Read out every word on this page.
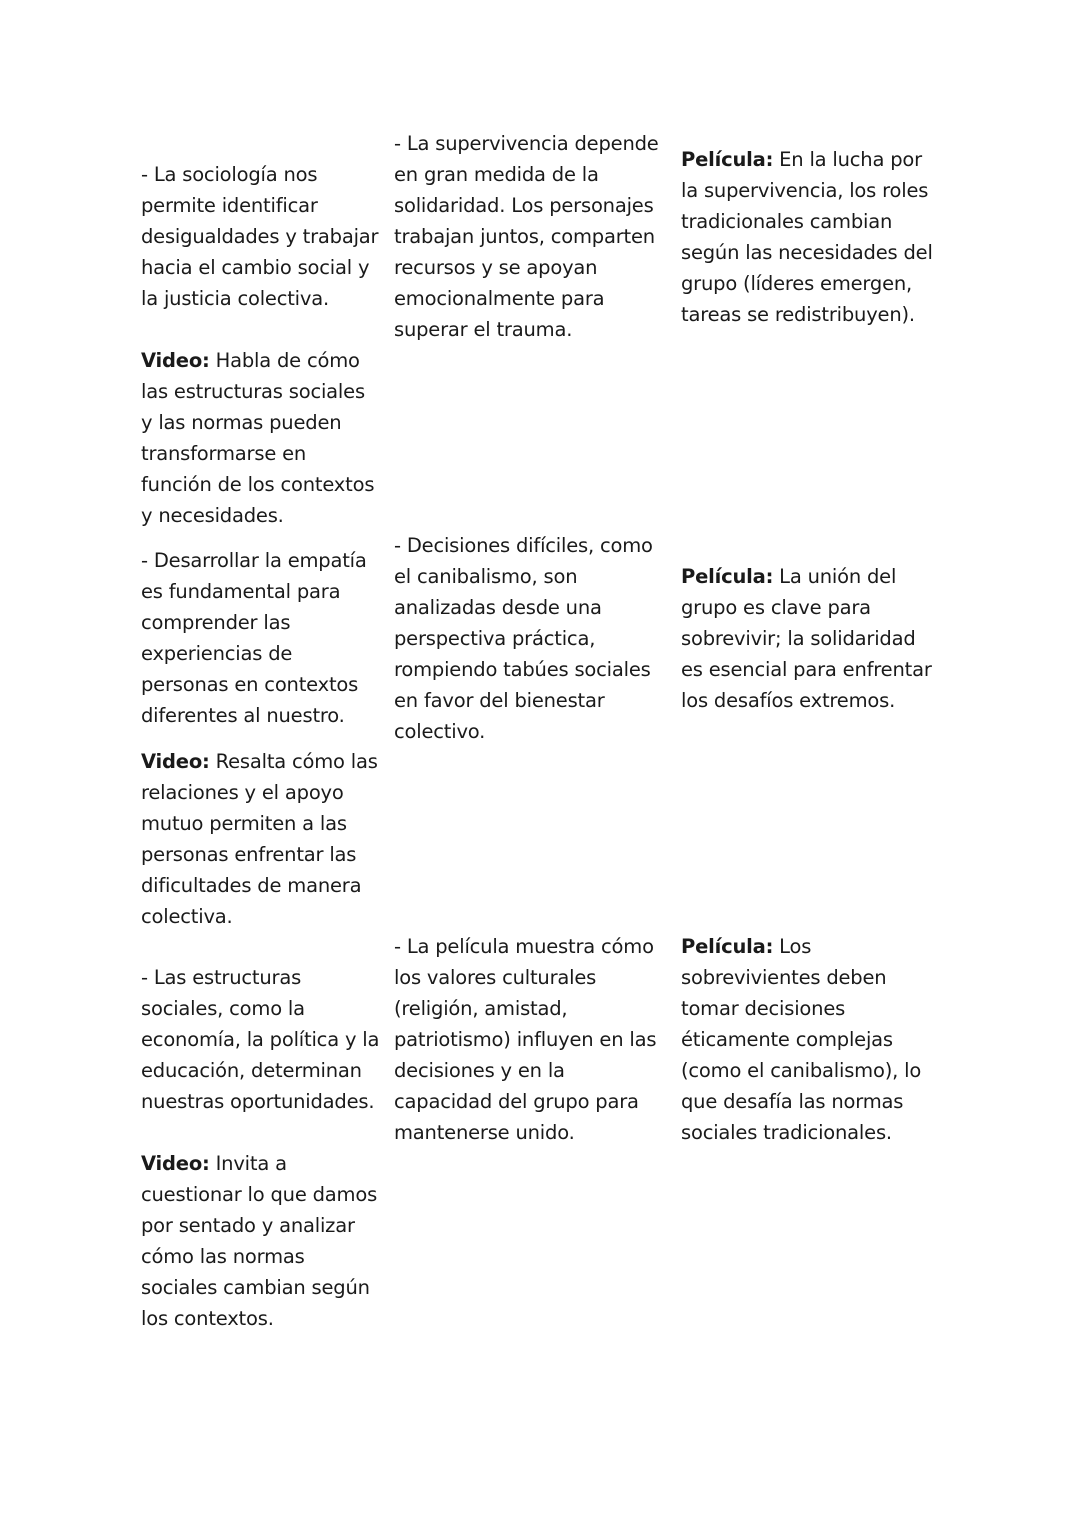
- La sociología nos permite identificar desigualdades y trabajar hacia el cambio social y la justicia colectiva.

Video: Habla de cómo las estructuras sociales y las normas pueden transformarse en función de los contextos y necesidades.

- La supervivencia depende en gran medida de la solidaridad. Los personajes trabajan juntos, comparten recursos y se apoyan emocionalmente para superar el trauma.

Película: En la lucha por la supervivencia, los roles tradicionales cambian según las necesidades del grupo (líderes emergen, tareas se redistribuyen).

- Desarrollar la empatía es fundamental para comprender las experiencias de personas en contextos diferentes al nuestro.

Video: Resalta cómo las relaciones y el apoyo mutuo permiten a las personas enfrentar las dificultades de manera colectiva.

- Decisiones difíciles, como el canibalismo, son analizadas desde una perspectiva práctica, rompiendo tabúes sociales en favor del bienestar colectivo.

Película: La unión del grupo es clave para sobrevivir; la solidaridad es esencial para enfrentar los desafíos extremos.

- Las estructuras sociales, como la economía, la política y la educación, determinan nuestras oportunidades.

Video: Invita a cuestionar lo que damos por sentado y analizar cómo las normas sociales cambian según los contextos.

- La película muestra cómo los valores culturales (religión, amistad, patriotismo) influyen en las decisiones y en la capacidad del grupo para mantenerse unido.

Película: Los sobrevivientes deben tomar decisiones éticamente complejas (como el canibalismo), lo que desafía las normas sociales tradicionales.
